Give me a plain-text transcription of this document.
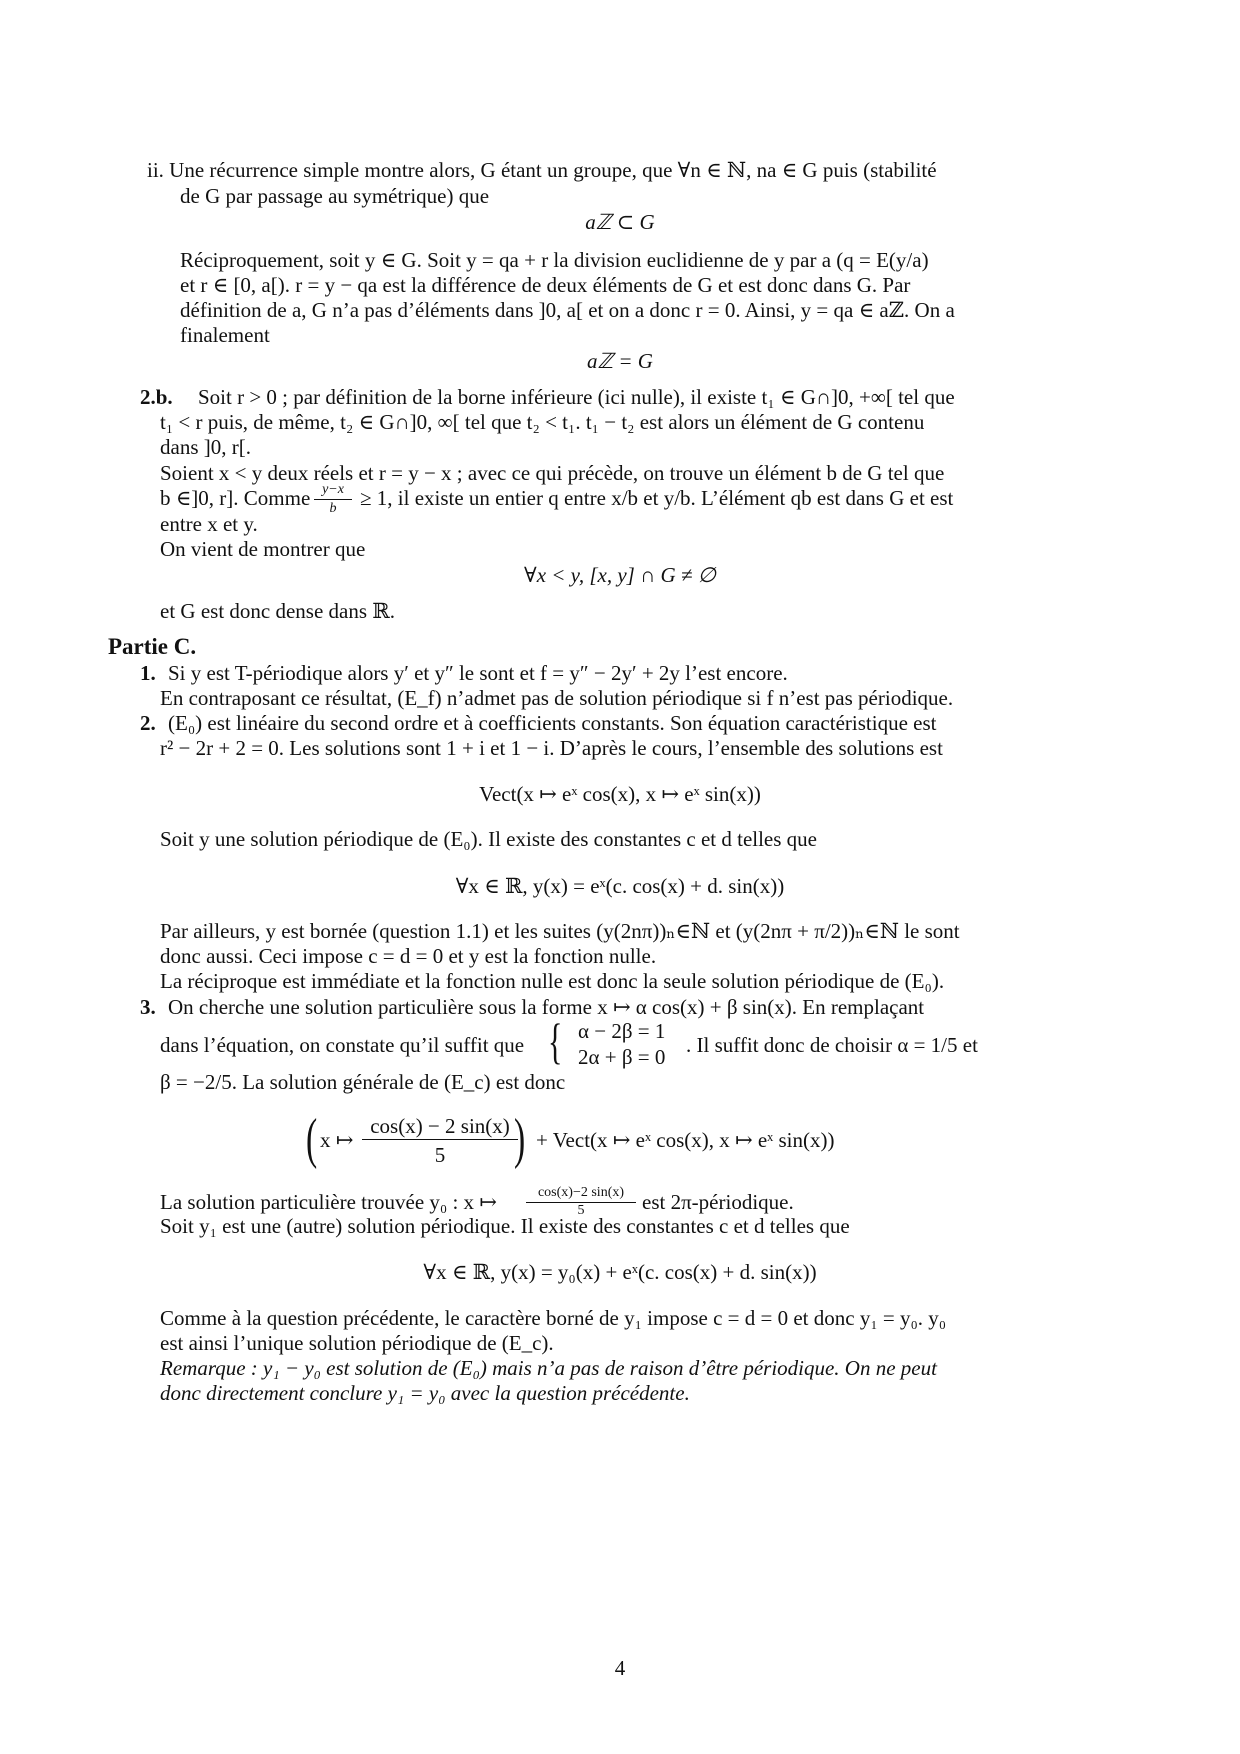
ii. Une récurrence simple montre alors, G étant un groupe, que ∀n ∈ ℕ, na ∈ G puis (stabilité
de G par passage au symétrique) que
aℤ ⊂ G
Réciproquement, soit y ∈ G. Soit y = qa + r la division euclidienne de y par a (q = E(y/a)
et r ∈ [0, a[). r = y − qa est la différence de deux éléments de G et est donc dans G. Par
définition de a, G n’a pas d’éléments dans ]0, a[ et on a donc r = 0. Ainsi, y = qa ∈ aℤ. On a
finalement
aℤ = G
2.b. Soit r > 0 ; par définition de la borne inférieure (ici nulle), il existe t₁ ∈ G∩]0, +∞[ tel que
t₁ < r puis, de même, t₂ ∈ G∩]0, ∞[ tel que t₂ < t₁. t₁ − t₂ est alors un élément de G contenu
dans ]0, r[.
Soient x < y deux réels et r = y − x ; avec ce qui précède, on trouve un élément b de G tel que
b ∈]0, r]. Comme y−x
b	≥ 1, il existe un entier q entre x/b et y/b. L’élément qb est dans G et est
entre x et y.
On vient de montrer que
∀x < y, [x, y] ∩ G ≠ ∅
et G est donc dense dans ℝ.
Partie C.
1. Si y est T-périodique alors y′ et y″ le sont et f = y″ − 2y′ + 2y l’est encore.
En contraposant ce résultat, (E_f) n’admet pas de solution périodique si f n’est pas périodique.
2. (E₀) est linéaire du second ordre et à coefficients constants. Son équation caractéristique est
r² − 2r + 2 = 0. Les solutions sont 1 + i et 1 − i. D’après le cours, l’ensemble des solutions est
Vect(x ↦ eˣ cos(x), x ↦ eˣ sin(x))
Soit y une solution périodique de (E₀). Il existe des constantes c et d telles que
∀x ∈ ℝ, y(x) = eˣ(c. cos(x) + d. sin(x))
Par ailleurs, y est bornée (question 1.1) et les suites (y(2nπ))ₙ∈ℕ et (y(2nπ + π/2))ₙ∈ℕ le sont
donc aussi. Ceci impose c = d = 0 et y est la fonction nulle.
La réciproque est immédiate et la fonction nulle est donc la seule solution périodique de (E₀).
3. On cherche une solution particulière sous la forme x ↦ α cos(x) + β sin(x). En remplaçant
dans l’équation, on constate qu’il suffit que { α − 2β = 1
2α + β = 0 . Il suffit donc de choisir α = 1/5 et
β = −2/5. La solution générale de (E_c) est donc
( x ↦
cos(x) − 2 sin(x)
5	) + Vect(x ↦ eˣ cos(x), x ↦ eˣ sin(x))
La solution particulière trouvée y₀ : x ↦	cos(x)−2 sin(x)
5	est 2π-périodique.
Soit y₁ est une (autre) solution périodique. Il existe des constantes c et d telles que
∀x ∈ ℝ, y(x) = y₀(x) + eˣ(c. cos(x) + d. sin(x))
Comme à la question précédente, le caractère borné de y₁ impose c = d = 0 et donc y₁ = y₀. y₀
est ainsi l’unique solution périodique de (E_c).
Remarque : y₁ − y₀ est solution de (E₀) mais n’a pas de raison d’être périodique. On ne peut
donc directement conclure y₁ = y₀ avec la question précédente.
4
